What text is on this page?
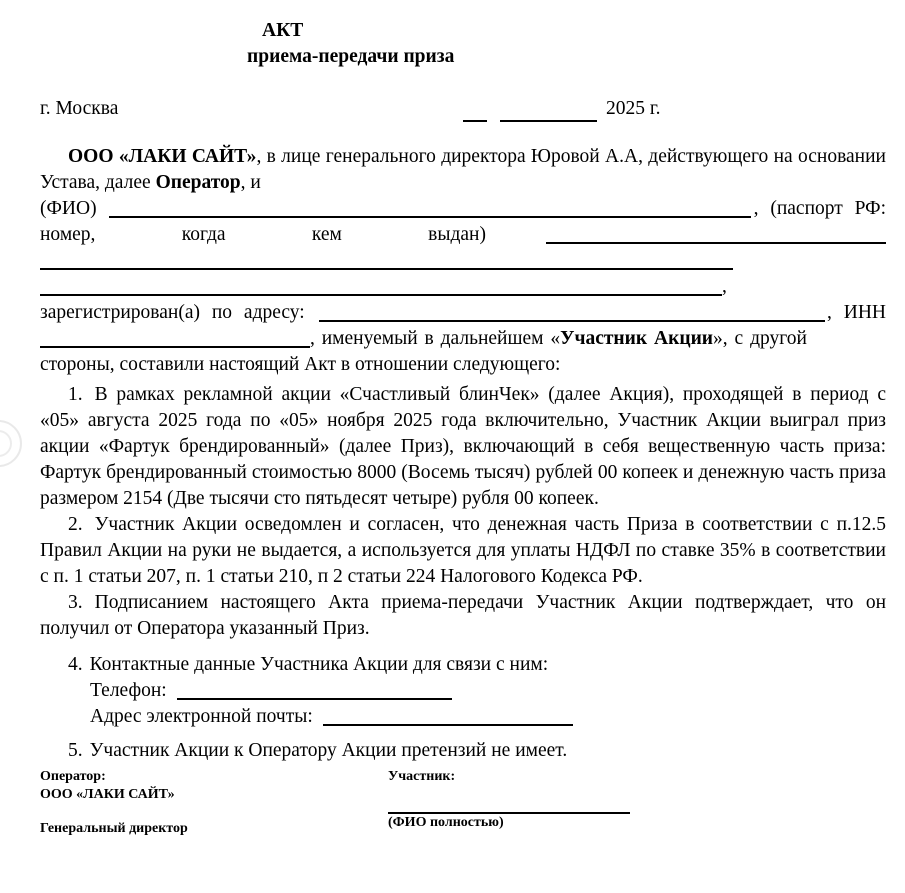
АКТ
приема-передачи приза
г. Москва	2025 г.

ООО «ЛАКИ САЙТ», в лице генерального директора Юровой А.А, действующего на основании Устава, далее Оператор, и

(ФИО)	, (паспорт РФ:
номер,	когда	кем	выдан)
,
зарегистрирован(а) по адресу:	, ИНН
, именуемый в дальнейшем « Участник Акции », с другой
стороны, составили настоящий Акт в отношении следующего:

1. В рамках рекламной акции «Счастливый блинЧек» (далее Акция), проходящей в период с «05» августа 2025 года по «05» ноября 2025 года включительно, Участник Акции выиграл приз акции «Фартук брендированный» (далее Приз), включающий в себя вещественную часть приза: Фартук брендированный стоимостью 8000 (Восемь тысяч) рублей 00 копеек и денежную часть приза размером 2154 (Две тысячи сто пятьдесят четыре) рубля 00 копеек.

2. Участник Акции осведомлен и согласен, что денежная часть Приза в соответствии с п.12.5 Правил Акции на руки не выдается, а используется для уплаты НДФЛ по ставке 35% в соответствии с п. 1 статьи 207, п. 1 статьи 210, п 2 статьи 224 Налогового Кодекса РФ.

3. Подписанием настоящего Акта приема-передачи Участник Акции подтверждает, что он получил от Оператора указанный Приз.

4. Контактные данные Участника Акции для связи с ним:

Телефон:
Адрес электронной почты:

5. Участник Акции к Оператору Акции претензий не имеет.

Оператор:
ООО «ЛАКИ САЙТ»
Генеральный директор
Участник:
(ФИО полностью)
